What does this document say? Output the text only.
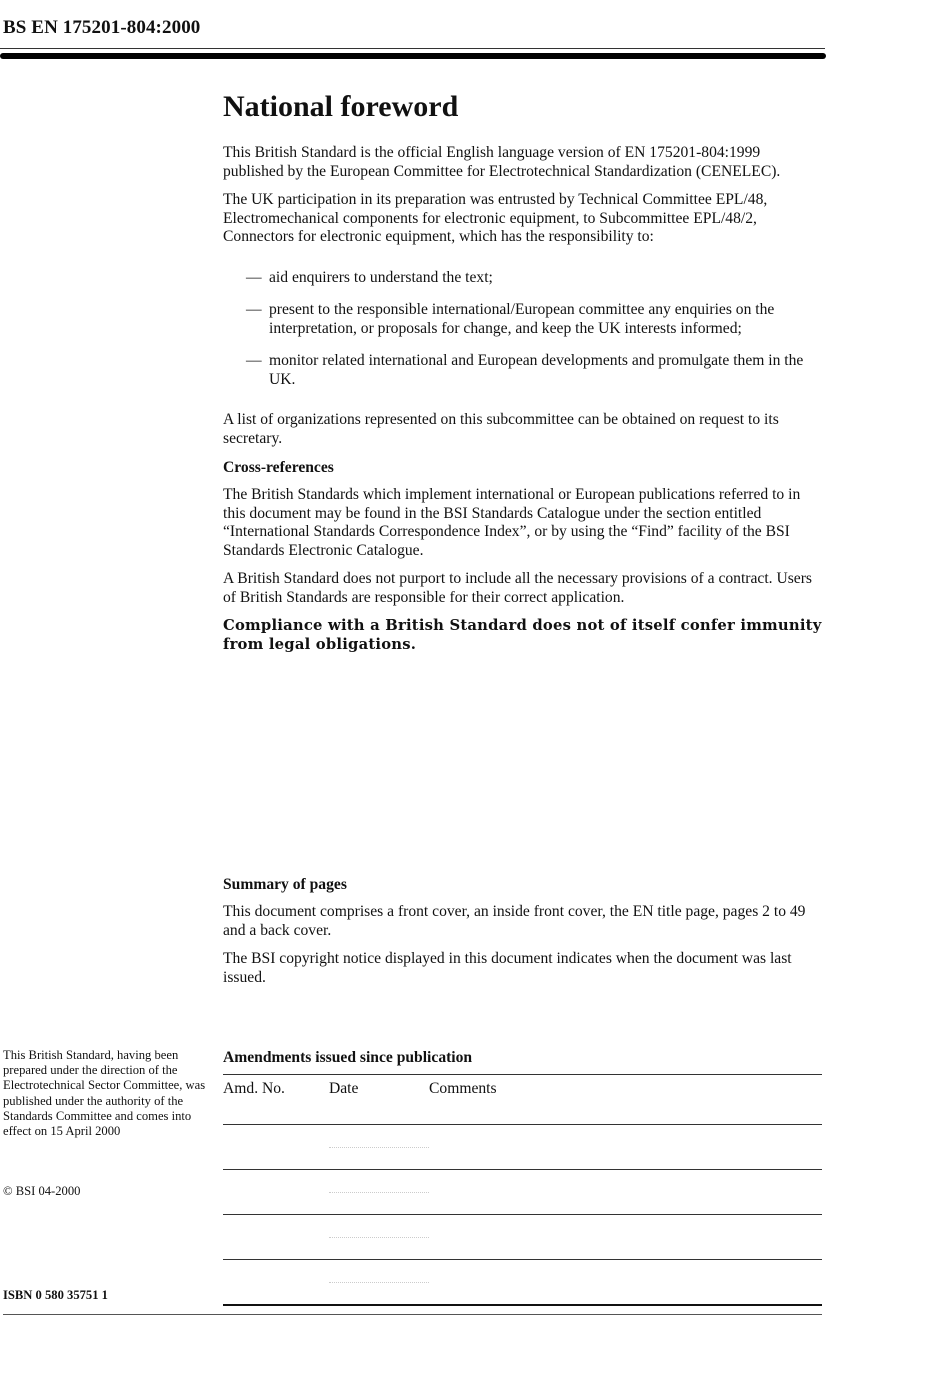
BS EN 175201-804:2000
National foreword

This British Standard is the official English language version of EN 175201-804:1999 published by the European Committee for Electrotechnical Standardization (CENELEC).

The UK participation in its preparation was entrusted by Technical Committee EPL/48, Electromechanical components for electronic equipment, to Subcommittee EPL/48/2, Connectors for electronic equipment, which has the responsibility to:

— aid enquirers to understand the text;
— present to the responsible international/European committee any enquiries on the interpretation, or proposals for change, and keep the UK interests informed;
— monitor related international and European developments and promulgate them in the UK.

A list of organizations represented on this subcommittee can be obtained on request to its secretary.

Cross-references

The British Standards which implement international or European publications referred to in this document may be found in the BSI Standards Catalogue under the section entitled “International Standards Correspondence Index”, or by using the “Find” facility of the BSI Standards Electronic Catalogue.

A British Standard does not purport to include all the necessary provisions of a contract. Users of British Standards are responsible for their correct application.

Compliance with a British Standard does not of itself confer immunity from legal obligations.

Summary of pages

This document comprises a front cover, an inside front cover, the EN title page, pages 2 to 49 and a back cover.

The BSI copyright notice displayed in this document indicates when the document was last issued.

This British Standard, having been prepared under the direction of the Electrotechnical Sector Committee, was published under the authority of the Standards Committee and comes into effect on 15 April 2000
© BSI 04-2000
ISBN 0 580 35751 1
Amendments issued since publication
Amd. No.	Date	Comments
